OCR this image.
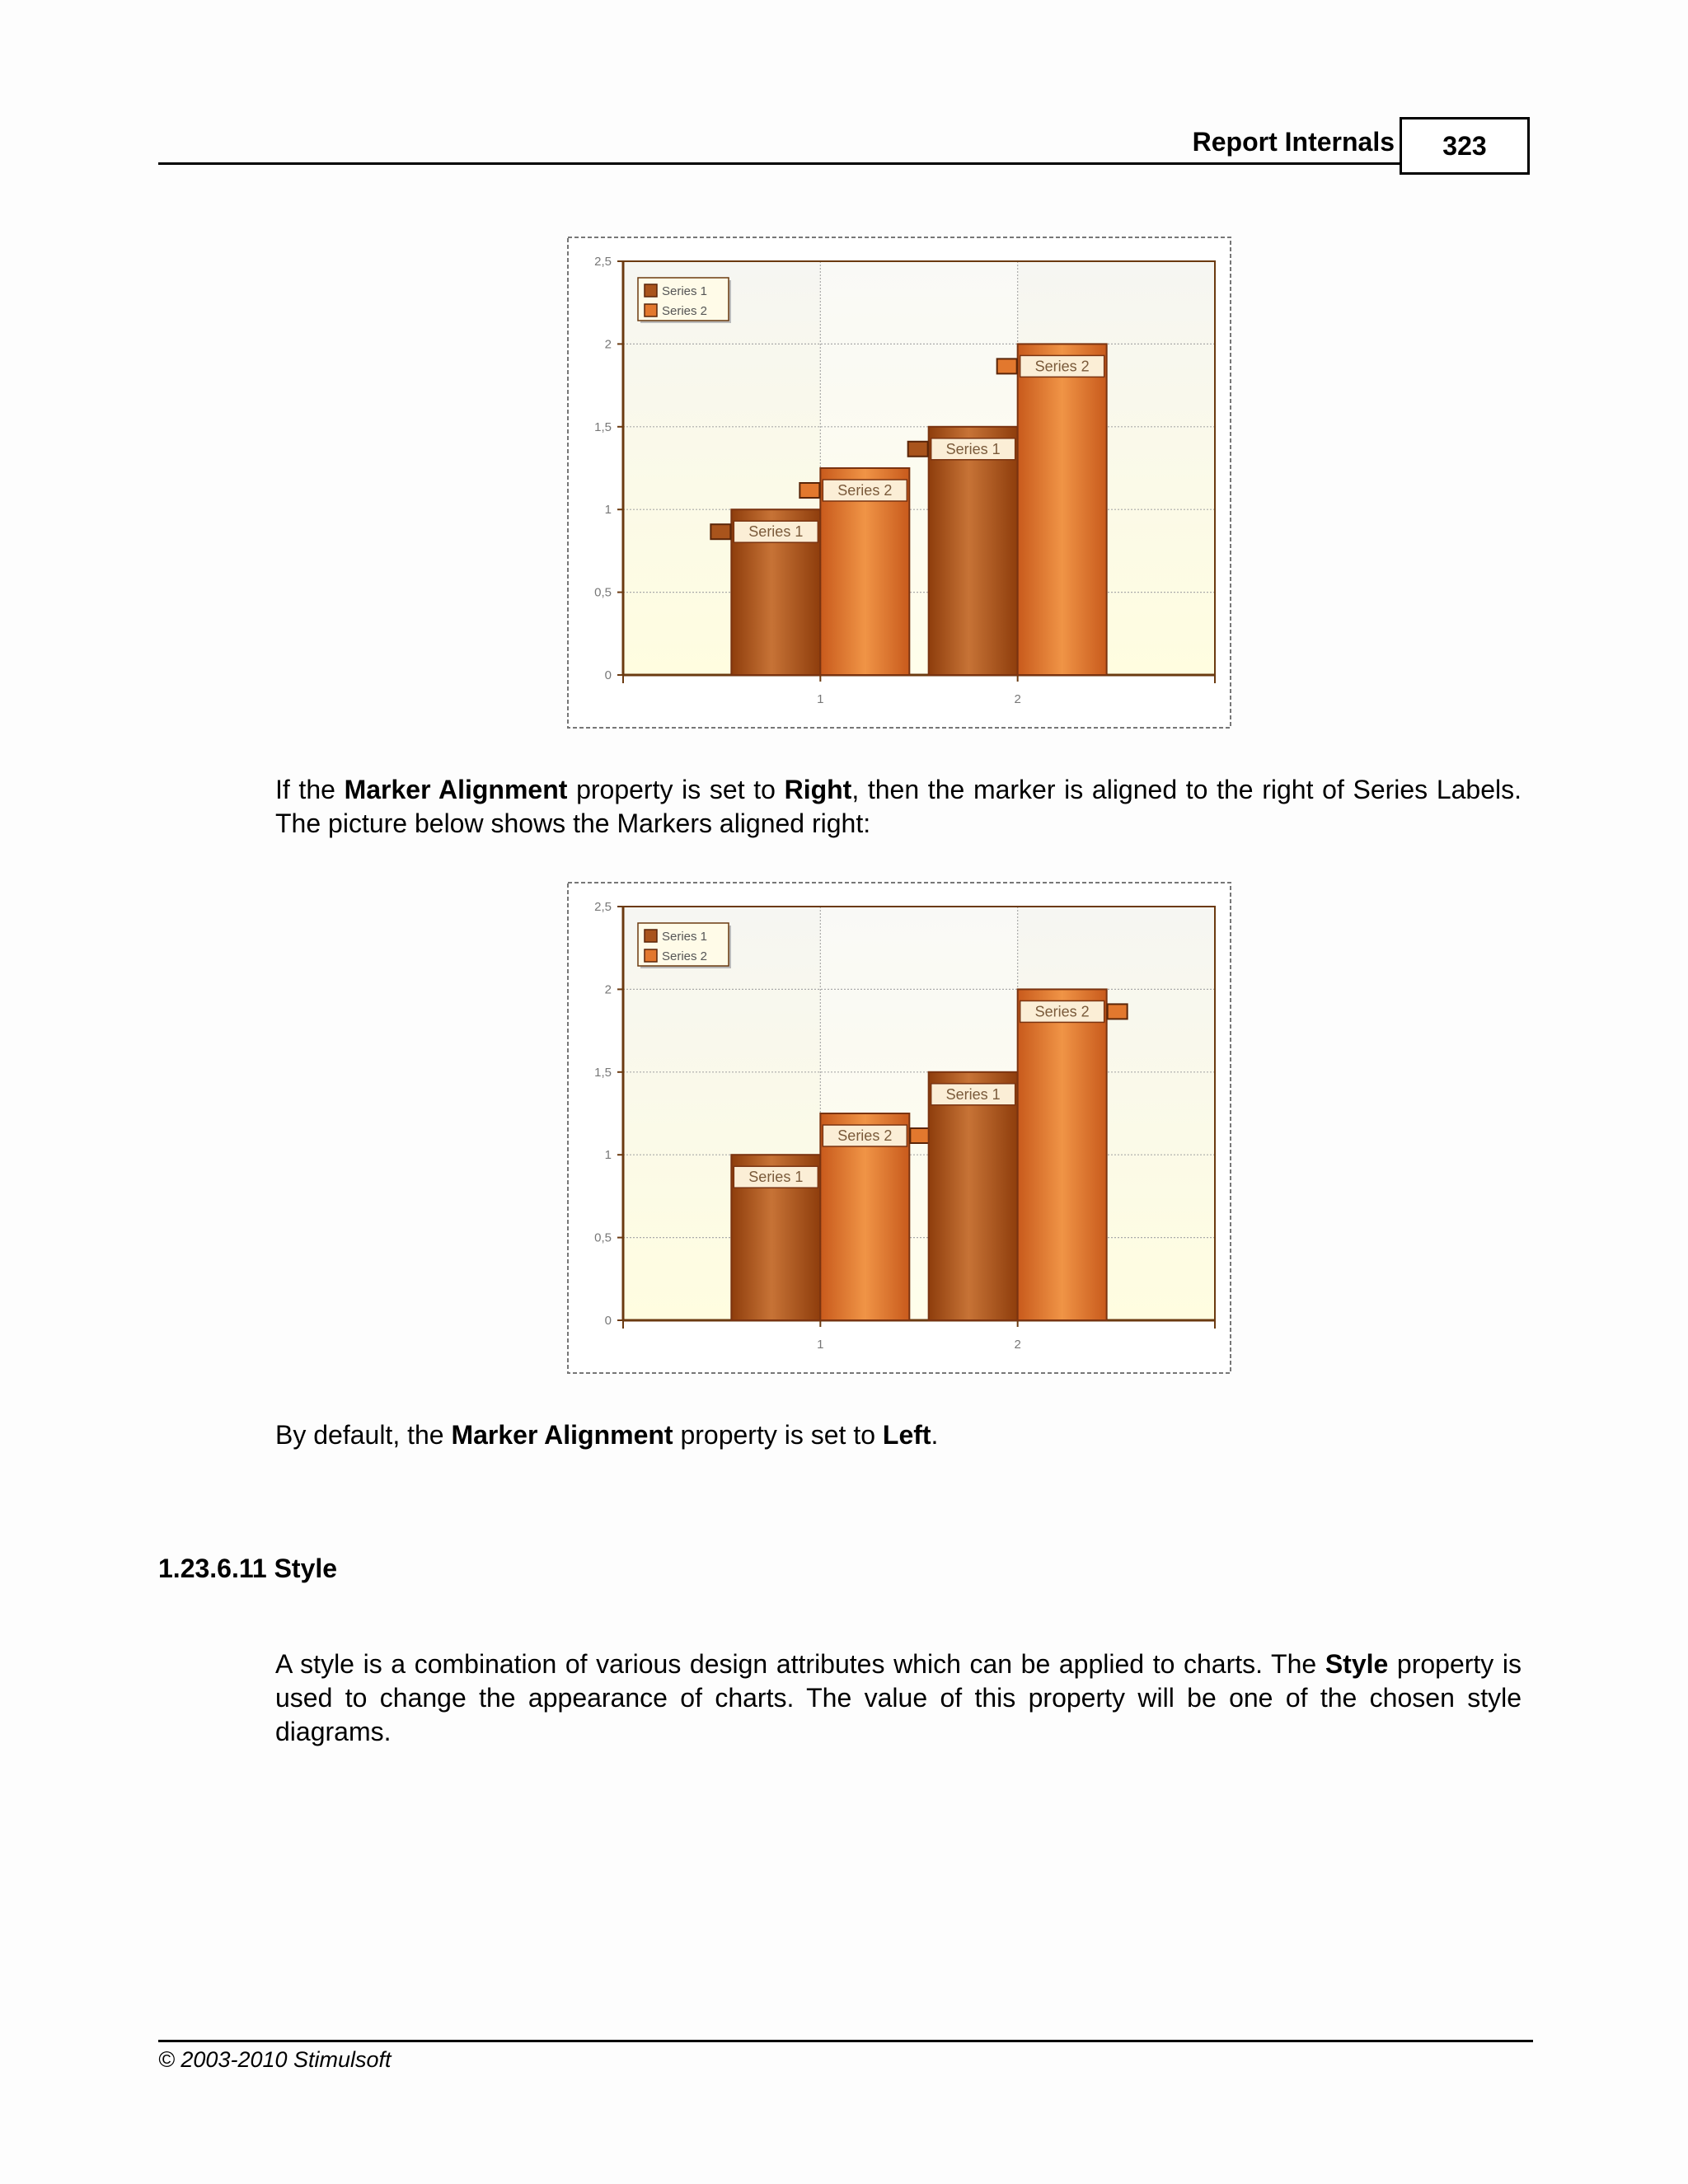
Report Internals	323
0
0,5
1
1,5
2
2,5
1	2
Series 1
Series 2
Series 1
Series 2
Series 1
Series 2
If the Marker Alignment property is set to Right, then the marker is aligned to the right of Series Labels. The picture below shows the Markers aligned right:
0
0,5
1
1,5
2
2,5
1	2
Series 1
Series 2
Series 1
Series 2
Series 1
Series 2
By default, the Marker Alignment property is set to Left.
1.23.6.11 Style
A style is a combination of various design attributes which can be applied to charts. The Style property is used to change the appearance of charts. The value of this property will be one of the chosen style diagrams.
© 2003-2010 Stimulsoft
